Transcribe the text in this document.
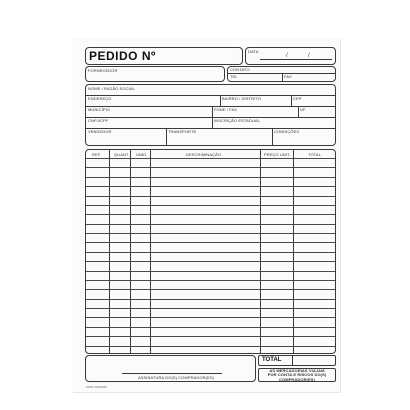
PEDIDO Nº	DATA
/	/
FORNECEDOR	CONTATO
TEL	FAX
NOME / RAZÃO SOCIAL
ENDEREÇO	BAIRRO / DISTRITO	CEP
MUNICÍPIO	FONE / FAX	UF
CNPJ/CPF	INSCRIÇÃO ESTADUAL
VENDEDOR	TRANSPORTE	CONDIÇÕES
REF.	QUANT. UNID.	DESCRIMINAÇÃO	PREÇO UNIT.	TOTAL
TOTAL
ASSINATURA DO(S) COMPRADOR(ES)
AS MERCADORIAS VIAJAM
POR CONTA E RISCOS DO(S)
COMPRADOR(ES)
MOD-0000000
